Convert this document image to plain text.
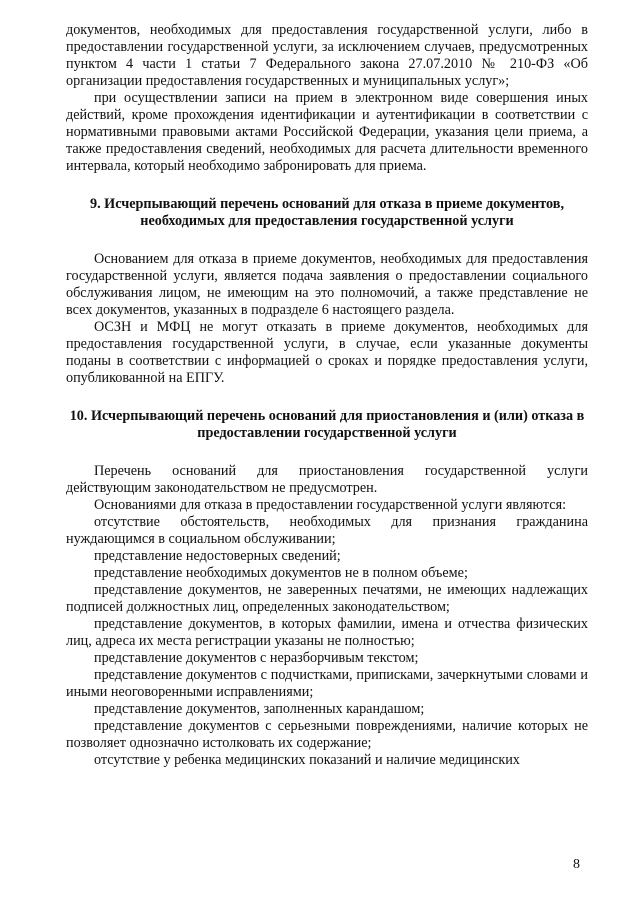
документов, необходимых для предоставления государственной услуги, либо в предоставлении государственной услуги, за исключением случаев, предусмотренных пунктом 4 части 1 статьи 7 Федерального закона 27.07.2010 № 210-ФЗ «Об организации предоставления государственных и муниципальных услуг»;

при осуществлении записи на прием в электронном виде совершения иных действий, кроме прохождения идентификации и аутентификации в соответствии с нормативными правовыми актами Российской Федерации, указания цели приема, а также предоставления сведений, необходимых для расчета длительности временного интервала, который необходимо забронировать для приема.

9. Исчерпывающий перечень оснований для отказа в приеме документов, необходимых для предоставления государственной услуги

Основанием для отказа в приеме документов, необходимых для предоставления государственной услуги, является подача заявления о предоставлении социального обслуживания лицом, не имеющим на это полномочий, а также представление не всех документов, указанных в подразделе 6 настоящего раздела.

ОСЗН и МФЦ не могут отказать в приеме документов, необходимых для предоставления государственной услуги, в случае, если указанные документы поданы в соответствии с информацией о сроках и порядке предоставления услуги, опубликованной на ЕПГУ.

10. Исчерпывающий перечень оснований для приостановления и (или) отказа в предоставлении государственной услуги

Перечень оснований для приостановления государственной услуги действующим законодательством не предусмотрен.

Основаниями для отказа в предоставлении государственной услуги являются:

отсутствие обстоятельств, необходимых для признания гражданина нуждающимся в социальном обслуживании;

представление недостоверных сведений;

представление необходимых документов не в полном объеме;

представление документов, не заверенных печатями, не имеющих надлежащих подписей должностных лиц, определенных законодательством;

представление документов, в которых фамилии, имена и отчества физических лиц, адреса их места регистрации указаны не полностью;

представление документов с неразборчивым текстом;

представление документов с подчистками, приписками, зачеркнутыми словами и иными неоговоренными исправлениями;

представление документов, заполненных карандашом;

представление документов с серьезными повреждениями, наличие которых не позволяет однозначно истолковать их содержание;

отсутствие у ребенка медицинских показаний и наличие медицинских

8
